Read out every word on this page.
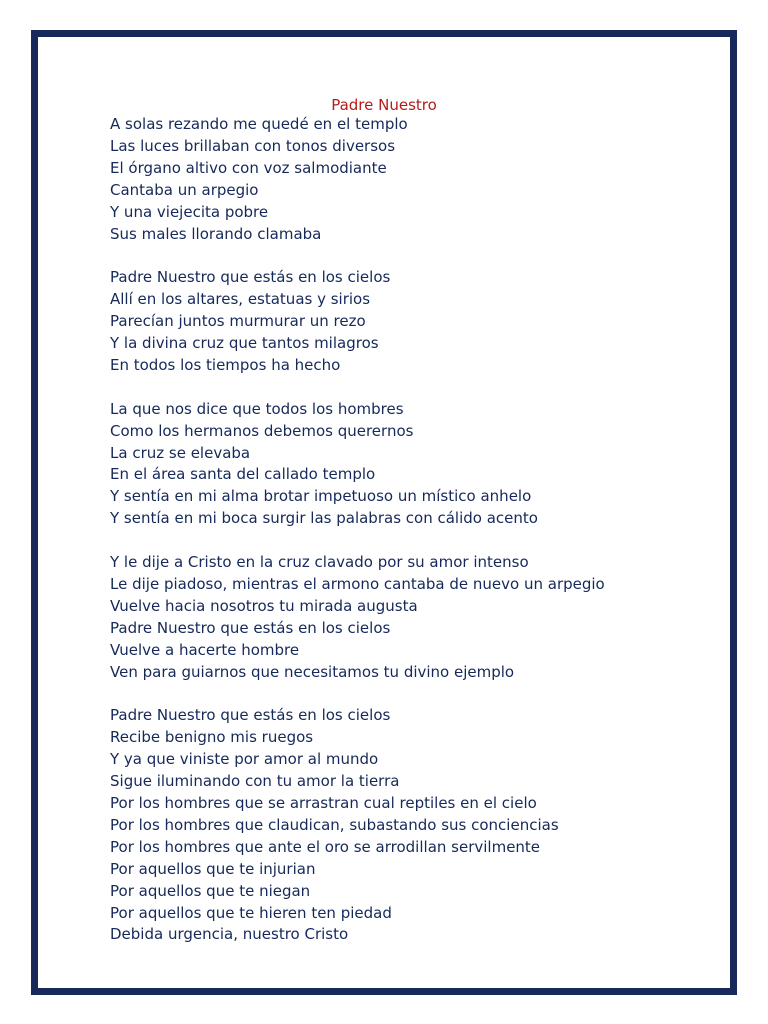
Padre Nuestro
A solas rezando me quedé en el templo
Las luces brillaban con tonos diversos
El órgano altivo con voz salmodiante
Cantaba un arpegio
Y una viejecita pobre
Sus males llorando clamaba
Padre Nuestro que estás en los cielos
Allí en los altares, estatuas y sirios
Parecían juntos murmurar un rezo
Y la divina cruz que tantos milagros
En todos los tiempos ha hecho
La que nos dice que todos los hombres
Como los hermanos debemos querernos
La cruz se elevaba
En el área santa del callado templo
Y sentía en mi alma brotar impetuoso un místico anhelo
Y sentía en mi boca surgir las palabras con cálido acento
Y le dije a Cristo en la cruz clavado por su amor intenso
Le dije piadoso, mientras el armono cantaba de nuevo un arpegio
Vuelve hacia nosotros tu mirada augusta
Padre Nuestro que estás en los cielos
Vuelve a hacerte hombre
Ven para guiarnos que necesitamos tu divino ejemplo
Padre Nuestro que estás en los cielos
Recibe benigno mis ruegos
Y ya que viniste por amor al mundo
Sigue iluminando con tu amor la tierra
Por los hombres que se arrastran cual reptiles en el cielo
Por los hombres que claudican, subastando sus conciencias
Por los hombres que ante el oro se arrodillan servilmente
Por aquellos que te injurian
Por aquellos que te niegan
Por aquellos que te hieren ten piedad
Debida urgencia, nuestro Cristo
